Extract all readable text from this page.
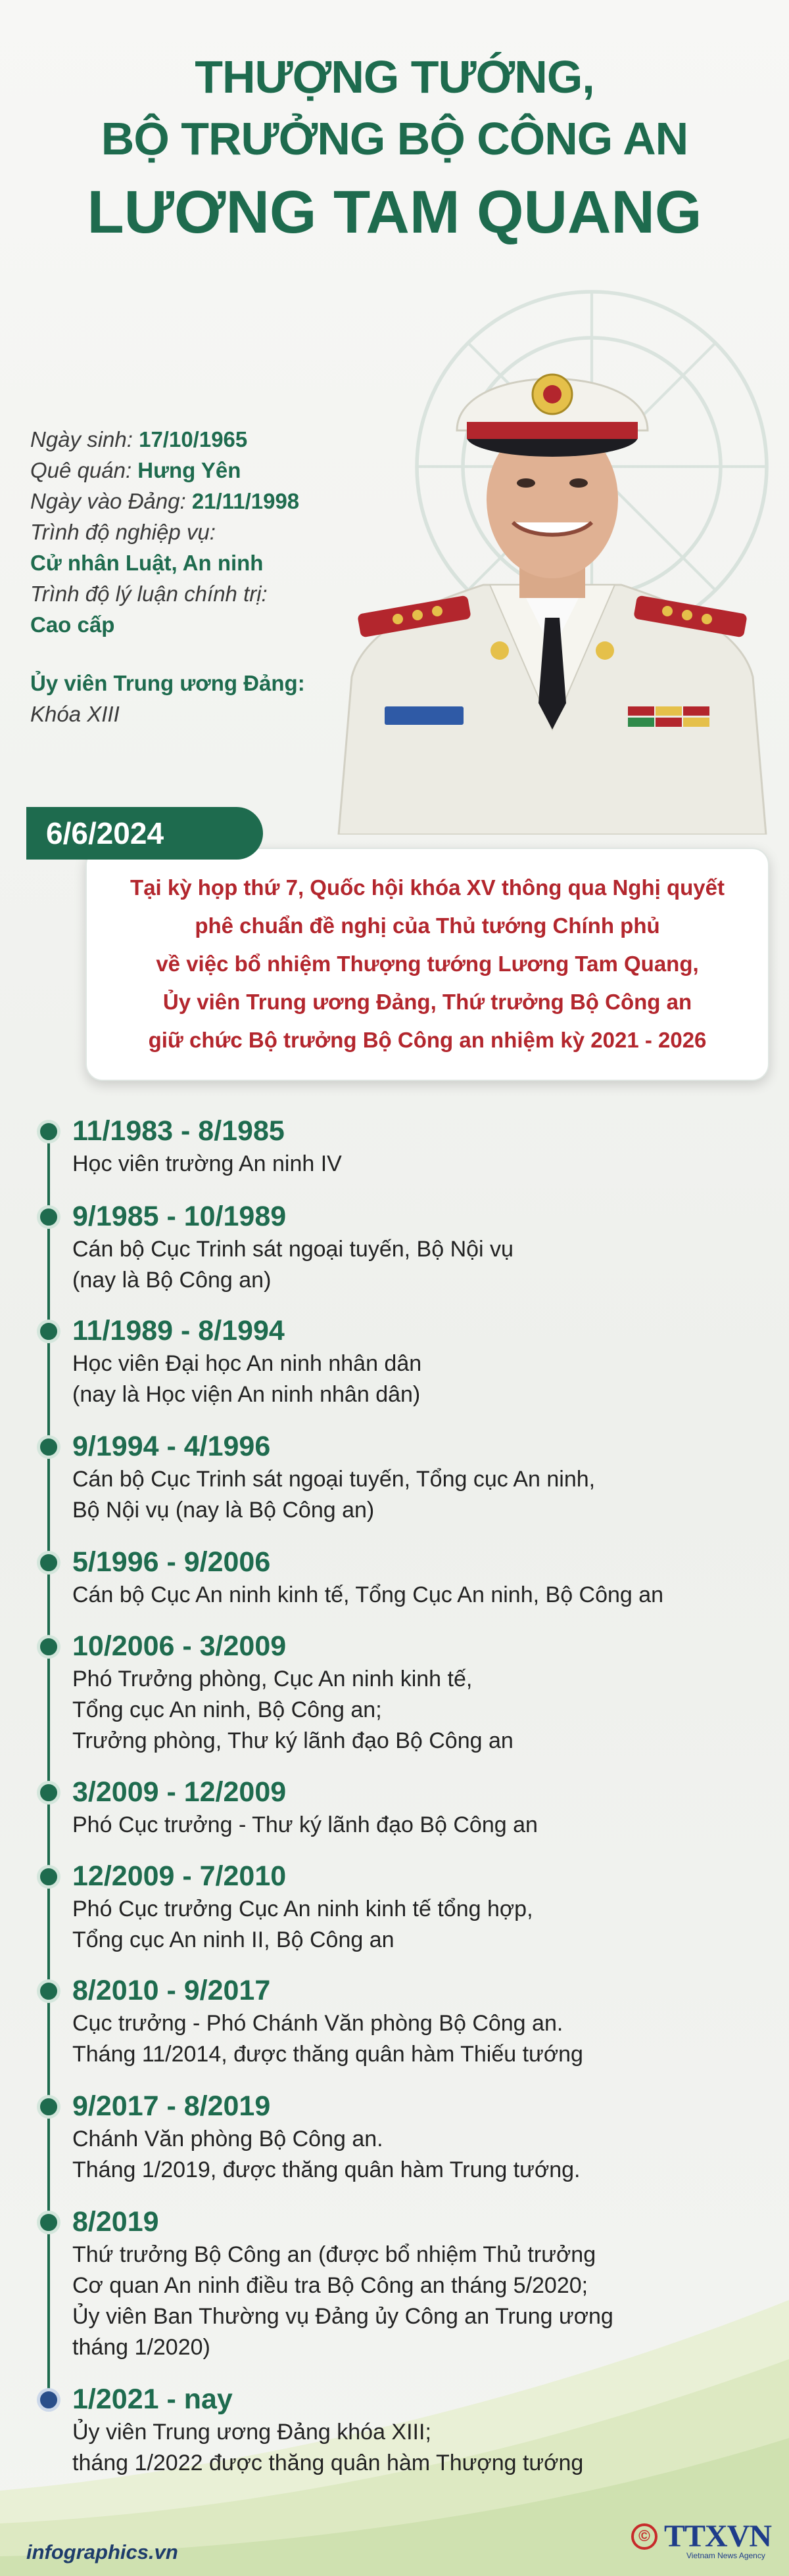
THƯỢNG TƯỚNG,
BỘ TRƯỞNG BỘ CÔNG AN
LƯƠNG TAM QUANG
Ngày sinh: 17/10/1965
Quê quán: Hưng Yên
Ngày vào Đảng: 21/11/1998
Trình độ nghiệp vụ:
Cử nhân Luật, An ninh
Trình độ lý luận chính trị:
Cao cấp
Ủy viên Trung ương Đảng:
Khóa XIII
6/6/2024
Tại kỳ họp thứ 7, Quốc hội khóa XV thông qua Nghị quyết
phê chuẩn đề nghị của Thủ tướng Chính phủ
về việc bổ nhiệm Thượng tướng Lương Tam Quang,
Ủy viên Trung ương Đảng, Thứ trưởng Bộ Công an
giữ chức Bộ trưởng Bộ Công an nhiệm kỳ 2021 - 2026
11/1983 - 8/1985
Học viên trường An ninh IV
9/1985 - 10/1989
Cán bộ Cục Trinh sát ngoại tuyến, Bộ Nội vụ
(nay là Bộ Công an)
11/1989 - 8/1994
Học viên Đại học An ninh nhân dân
(nay là Học viện An ninh nhân dân)
9/1994 - 4/1996
Cán bộ Cục Trinh sát ngoại tuyến, Tổng cục An ninh,
Bộ Nội vụ (nay là Bộ Công an)
5/1996 - 9/2006
Cán bộ Cục An ninh kinh tế, Tổng Cục An ninh, Bộ Công an
10/2006 - 3/2009
Phó Trưởng phòng, Cục An ninh kinh tế,
Tổng cục An ninh, Bộ Công an;
Trưởng phòng, Thư ký lãnh đạo Bộ Công an
3/2009 - 12/2009
Phó Cục trưởng - Thư ký lãnh đạo Bộ Công an
12/2009 - 7/2010
Phó Cục trưởng Cục An ninh kinh tế tổng hợp,
Tổng cục An ninh II, Bộ Công an
8/2010 - 9/2017
Cục trưởng - Phó Chánh Văn phòng Bộ Công an.
Tháng 11/2014, được thăng quân hàm Thiếu tướng
9/2017 - 8/2019
Chánh Văn phòng Bộ Công an.
Tháng 1/2019, được thăng quân hàm Trung tướng.
8/2019
Thứ trưởng Bộ Công an (được bổ nhiệm Thủ trưởng
Cơ quan An ninh điều tra Bộ Công an tháng 5/2020;
Ủy viên Ban Thường vụ Đảng ủy Công an Trung ương
tháng 1/2020)
1/2021 - nay
Ủy viên Trung ương Đảng khóa XIII;
tháng 1/2022 được thăng quân hàm Thượng tướng
infographics.vn
© TTXVN
Vietnam News Agency
